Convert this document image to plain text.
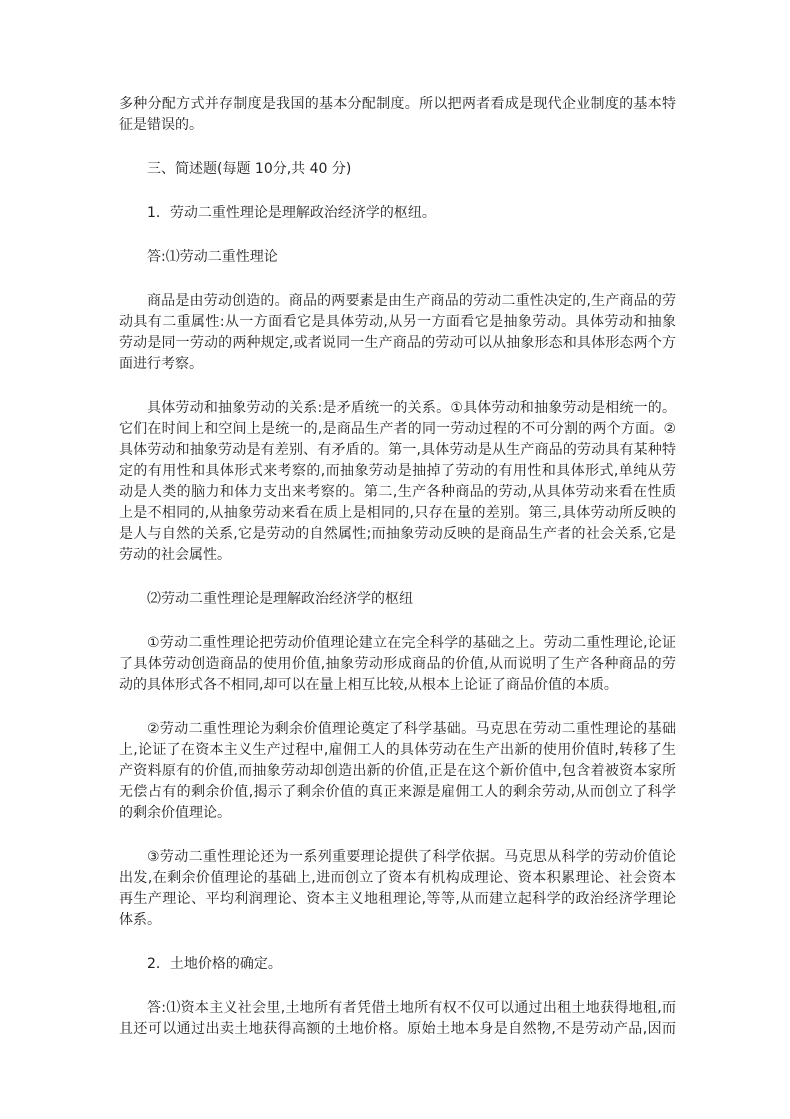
多种分配方式并存制度是我国的基本分配制度。所以把两者看成是现代企业制度的基本特
征是错误的。
三、简述题(每题 10分,共 40 分)
1．劳动二重性理论是理解政治经济学的枢纽。
答:⑴劳动二重性理论
商品是由劳动创造的。商品的两要素是由生产商品的劳动二重性决定的,生产商品的劳
动具有二重属性:从一方面看它是具体劳动,从另一方面看它是抽象劳动。具体劳动和抽象
劳动是同一劳动的两种规定,或者说同一生产商品的劳动可以从抽象形态和具体形态两个方
面进行考察。
具体劳动和抽象劳动的关系:是矛盾统一的关系。①具体劳动和抽象劳动是相统一的。
它们在时间上和空间上是统一的,是商品生产者的同一劳动过程的不可分割的两个方面。②
具体劳动和抽象劳动是有差别、有矛盾的。第一,具体劳动是从生产商品的劳动具有某种特
定的有用性和具体形式来考察的,而抽象劳动是抽掉了劳动的有用性和具体形式,单纯从劳
动是人类的脑力和体力支出来考察的。第二,生产各种商品的劳动,从具体劳动来看在性质
上是不相同的,从抽象劳动来看在质上是相同的,只存在量的差别。第三,具体劳动所反映的
是人与自然的关系,它是劳动的自然属性;而抽象劳动反映的是商品生产者的社会关系,它是
劳动的社会属性。
⑵劳动二重性理论是理解政治经济学的枢纽
①劳动二重性理论把劳动价值理论建立在完全科学的基础之上。劳动二重性理论,论证
了具体劳动创造商品的使用价值,抽象劳动形成商品的价值,从而说明了生产各种商品的劳
动的具体形式各不相同,却可以在量上相互比较,从根本上论证了商品价值的本质。
②劳动二重性理论为剩余价值理论奠定了科学基础。马克思在劳动二重性理论的基础
上,论证了在资本主义生产过程中,雇佣工人的具体劳动在生产出新的使用价值时,转移了生
产资料原有的价值,而抽象劳动却创造出新的价值,正是在这个新价值中,包含着被资本家所
无偿占有的剩余价值,揭示了剩余价值的真正来源是雇佣工人的剩余劳动,从而创立了科学
的剩余价值理论。
③劳动二重性理论还为一系列重要理论提供了科学依据。马克思从科学的劳动价值论
出发,在剩余价值理论的基础上,进而创立了资本有机构成理论、资本积累理论、社会资本
再生产理论、平均利润理论、资本主义地租理论,等等,从而建立起科学的政治经济学理论
体系。
2．土地价格的确定。
答:⑴资本主义社会里,土地所有者凭借土地所有权不仅可以通过出租土地获得地租,而
且还可以通过出卖土地获得高额的土地价格。原始土地本身是自然物,不是劳动产品,因而
